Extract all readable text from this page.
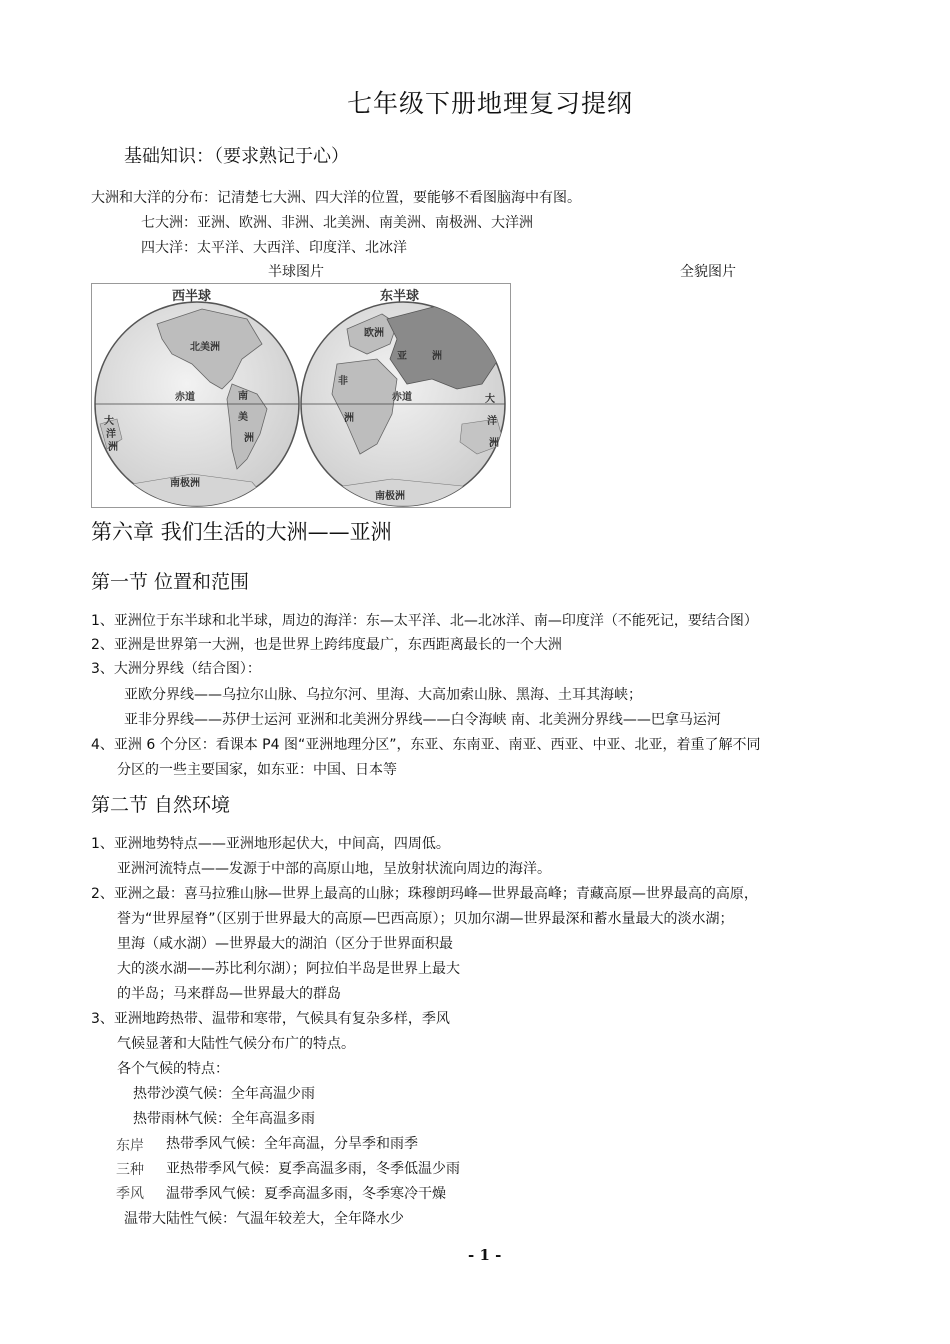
七年级下册地理复习提纲
基础知识：（要求熟记于心）
大洲和大洋的分布：记清楚七大洲、四大洋的位置，要能够不看图脑海中有图。
七大洲：亚洲、欧洲、非洲、北美洲、南美洲、南极洲、大洋洲
四大洋：太平洋、大西洋、印度洋、北冰洋
半球图片	全貌图片
西半球
北美洲
赤道	南
美
洲
大
洋
洲
南极洲
东半球
欧洲
亚	洲
非
赤道
洲
大
洋
洲
南极洲
第六章 我们生活的大洲——亚洲
第一节 位置和范围
1、亚洲位于东半球和北半球，周边的海洋：东—太平洋、北—北冰洋、南—印度洋（不能死记，要结合图）
2、亚洲是世界第一大洲，也是世界上跨纬度最广，东西距离最长的一个大洲
3、大洲分界线（结合图）：
亚欧分界线——乌拉尔山脉、乌拉尔河、里海、大高加索山脉、黑海、土耳其海峡；
亚非分界线——苏伊士运河 亚洲和北美洲分界线——白令海峡 南、北美洲分界线——巴拿马运河
4、亚洲 6 个分区：看课本 P4 图“亚洲地理分区”，东亚、东南亚、南亚、西亚、中亚、北亚，着重了解不同
分区的一些主要国家，如东亚：中国、日本等
第二节 自然环境
1、亚洲地势特点——亚洲地形起伏大，中间高，四周低。
亚洲河流特点——发源于中部的高原山地，呈放射状流向周边的海洋。
2、亚洲之最：喜马拉雅山脉—世界上最高的山脉；珠穆朗玛峰—世界最高峰；青藏高原—世界最高的高原，
誉为“世界屋脊”（区别于世界最大的高原—巴西高原）；贝加尔湖—世界最深和蓄水量最大的淡水湖；
里海（咸水湖）—世界最大的湖泊（区分于世界面积最
大的淡水湖——苏比利尔湖）；阿拉伯半岛是世界上最大
的半岛；马来群岛—世界最大的群岛
3、亚洲地跨热带、温带和寒带，气候具有复杂多样，季风
气候显著和大陆性气候分布广的特点。
各个气候的特点：
热带沙漠气候：全年高温少雨
热带雨林气候：全年高温多雨
东岸
三种
季风
热带季风气候：全年高温，分旱季和雨季
亚热带季风气候：夏季高温多雨，冬季低温少雨
温带季风气候：夏季高温多雨，冬季寒冷干燥
温带大陆性气候：气温年较差大，全年降水少
- 1 -
